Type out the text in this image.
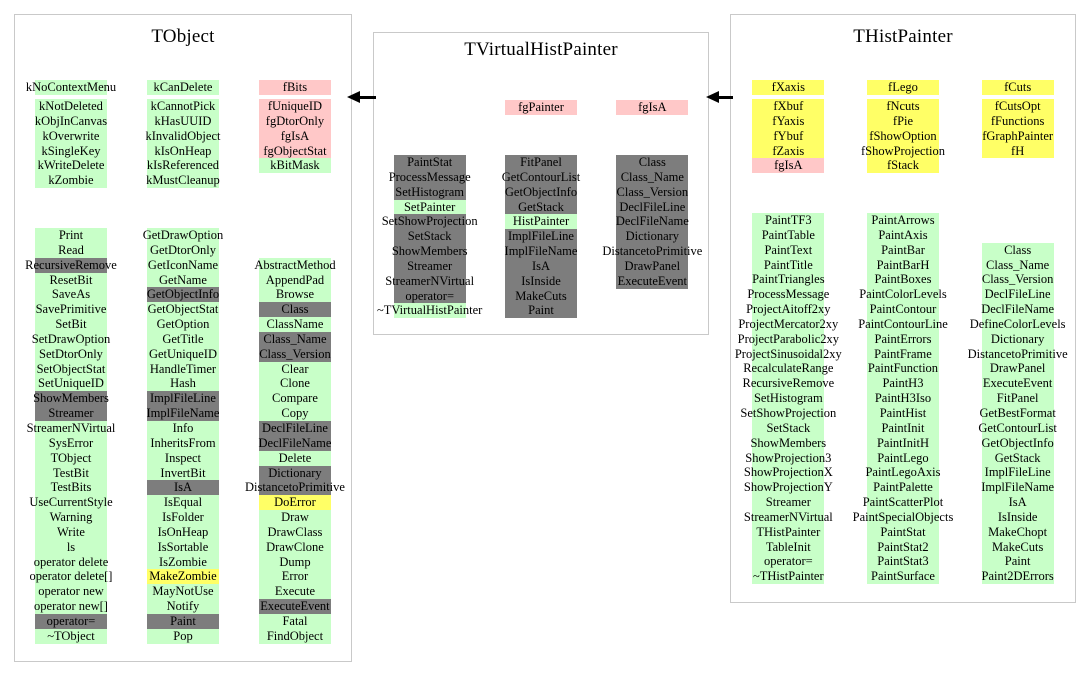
TObject
kNoContextMenu	kCanDelete	fBits
kNotDeleted
kObjInCanvas
kOverwrite
kSingleKey
kWriteDelete
kZombie
kCannotPick
kHasUUID
kInvalidObject
kIsOnHeap
kIsReferenced
kMustCleanup
fUniqueID
fgDtorOnly
fgIsA
fgObjectStat
kBitMask
Print
Read
RecursiveRemove
ResetBit
SaveAs
SavePrimitive
SetBit
SetDrawOption
SetDtorOnly
SetObjectStat
SetUniqueID
ShowMembers
Streamer
StreamerNVirtual
SysError
TObject
TestBit
TestBits
UseCurrentStyle
Warning
Write
ls
operator delete
operator delete[]
operator new
operator new[]
operator=
~TObject
GetDrawOption
GetDtorOnly
GetIconName
GetName
GetObjectInfo
GetObjectStat
GetOption
GetTitle
GetUniqueID
HandleTimer
Hash
ImplFileLine
ImplFileName
Info
InheritsFrom
Inspect
InvertBit
IsA
IsEqual
IsFolder
IsOnHeap
IsSortable
IsZombie
MakeZombie
MayNotUse
Notify
Paint
Pop
AbstractMethod
AppendPad
Browse
Class
ClassName
Class_Name
Class_Version
Clear
Clone
Compare
Copy
DeclFileLine
DeclFileName
Delete
Dictionary
DistancetoPrimitive
DoError
Draw
DrawClass
DrawClone
Dump
Error
Execute
ExecuteEvent
Fatal
FindObject
TVirtualHistPainter
fgPainter	fgIsA
PaintStat
ProcessMessage
SetHistogram
SetPainter
SetShowProjection
SetStack
ShowMembers
Streamer
StreamerNVirtual
operator=
~TVirtualHistPainter
FitPanel
GetContourList
GetObjectInfo
GetStack
HistPainter
ImplFileLine
ImplFileName
IsA
IsInside
MakeCuts
Paint
Class
Class_Name
Class_Version
DeclFileLine
DeclFileName
Dictionary
DistancetoPrimitive
DrawPanel
ExecuteEvent
THistPainter
fXaxis	fLego	fCuts
fXbuf
fYaxis
fYbuf
fZaxis
fgIsA
fNcuts
fPie
fShowOption
fShowProjection
fStack
fCutsOpt
fFunctions
fGraphPainter
fH
PaintTF3
PaintTable
PaintText
PaintTitle
PaintTriangles
ProcessMessage
ProjectAitoff2xy
ProjectMercator2xy
ProjectParabolic2xy
ProjectSinusoidal2xy
RecalculateRange
RecursiveRemove
SetHistogram
SetShowProjection
SetStack
ShowMembers
ShowProjection3
ShowProjectionX
ShowProjectionY
Streamer
StreamerNVirtual
THistPainter
TableInit
operator=
~THistPainter
PaintArrows
PaintAxis
PaintBar
PaintBarH
PaintBoxes
PaintColorLevels
PaintContour
PaintContourLine
PaintErrors
PaintFrame
PaintFunction
PaintH3
PaintH3Iso
PaintHist
PaintInit
PaintInitH
PaintLego
PaintLegoAxis
PaintPalette
PaintScatterPlot
PaintSpecialObjects
PaintStat
PaintStat2
PaintStat3
PaintSurface
Class
Class_Name
Class_Version
DeclFileLine
DeclFileName
DefineColorLevels
Dictionary
DistancetoPrimitive
DrawPanel
ExecuteEvent
FitPanel
GetBestFormat
GetContourList
GetObjectInfo
GetStack
ImplFileLine
ImplFileName
IsA
IsInside
MakeChopt
MakeCuts
Paint
Paint2DErrors
